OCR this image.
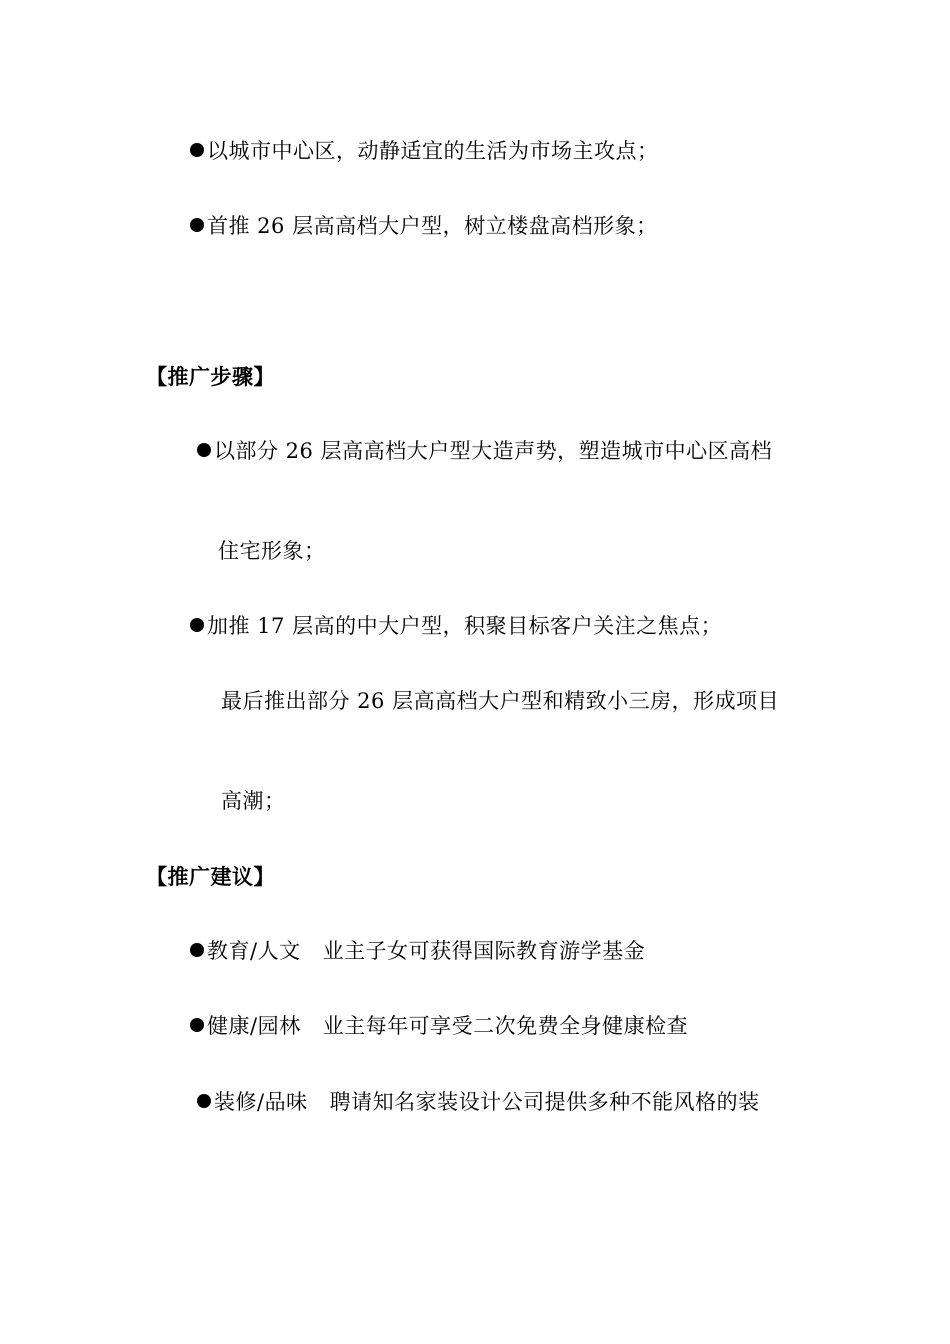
以城市中心区，动静适宜的生活为市场主攻点；
首推 26 层高高档大户型，树立楼盘高档形象；
【推广步骤】
以部分 26 层高高档大户型大造声势，塑造城市中心区高档
住宅形象；
加推 17 层高的中大户型，积聚目标客户关注之焦点；
最后推出部分 26 层高高档大户型和精致小三房，形成项目
高潮；
【推广建议】
教育/人文 业主子女可获得国际教育游学基金
健康/园林 业主每年可享受二次免费全身健康检查
装修/品味 聘请知名家装设计公司提供多种不能风格的装
